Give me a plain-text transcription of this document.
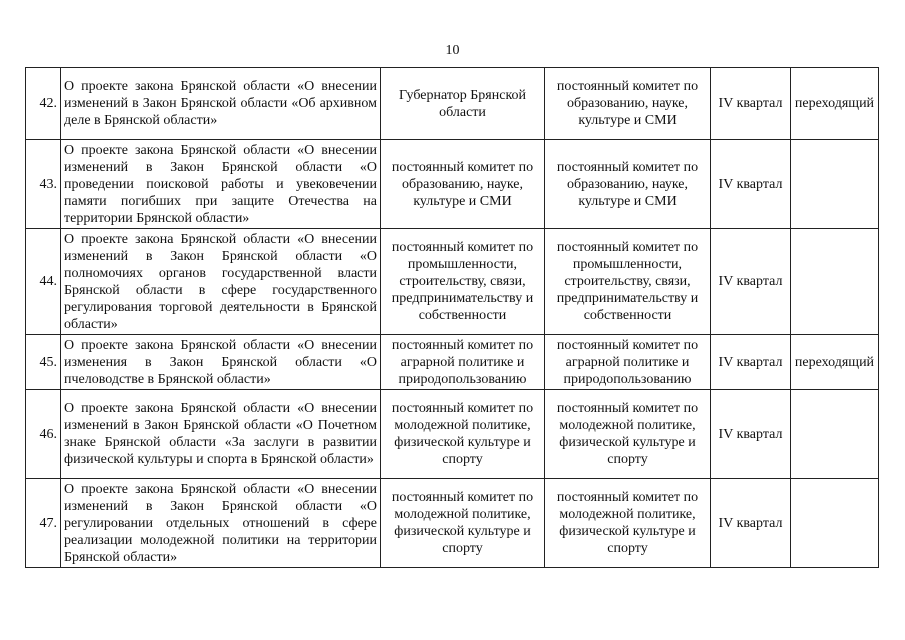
10
42.	О проекте закона Брянской области «О внесении изменений в Закон Брянской области «Об архивном деле в Брянской области»	Губернатор Брянской области	постоянный комитет по образованию, науке, культуре и СМИ	IV квартал	переходящий
43.	О проекте закона Брянской области «О внесении изменений в Закон Брянской области «О проведении поисковой работы и увековечении памяти погибших при защите Отечества на территории Брянской области»	постоянный комитет по образованию, науке, культуре и СМИ	постоянный комитет по образованию, науке, культуре и СМИ	IV квартал	
44.	О проекте закона Брянской области «О внесении изменений в Закон Брянской области «О полномочиях органов государственной власти Брянской области в сфере государственного регулирования торговой деятельности в Брянской области»	постоянный комитет по промышленности, строительству, связи, предпринимательству и собственности	постоянный комитет по промышленности, строительству, связи, предпринимательству и собственности	IV квартал	
45.	О проекте закона Брянской области «О внесении изменения в Закон Брянской области «О пчеловодстве в Брянской области»	постоянный комитет по аграрной политике и природопользованию	постоянный комитет по аграрной политике и природопользованию	IV квартал	переходящий
46.	О проекте закона Брянской области «О внесении изменений в Закон Брянской области «О Почетном знаке Брянской области «За заслуги в развитии физической культуры и спорта в Брянской области»	постоянный комитет по молодежной политике, физической культуре и спорту	постоянный комитет по молодежной политике, физической культуре и спорту	IV квартал	
47.	О проекте закона Брянской области «О внесении изменений в Закон Брянской области «О регулировании отдельных отношений в сфере реализации молодежной политики на территории Брянской области»	постоянный комитет по молодежной политике, физической культуре и спорту	постоянный комитет по молодежной политике, физической культуре и спорту	IV квартал	
